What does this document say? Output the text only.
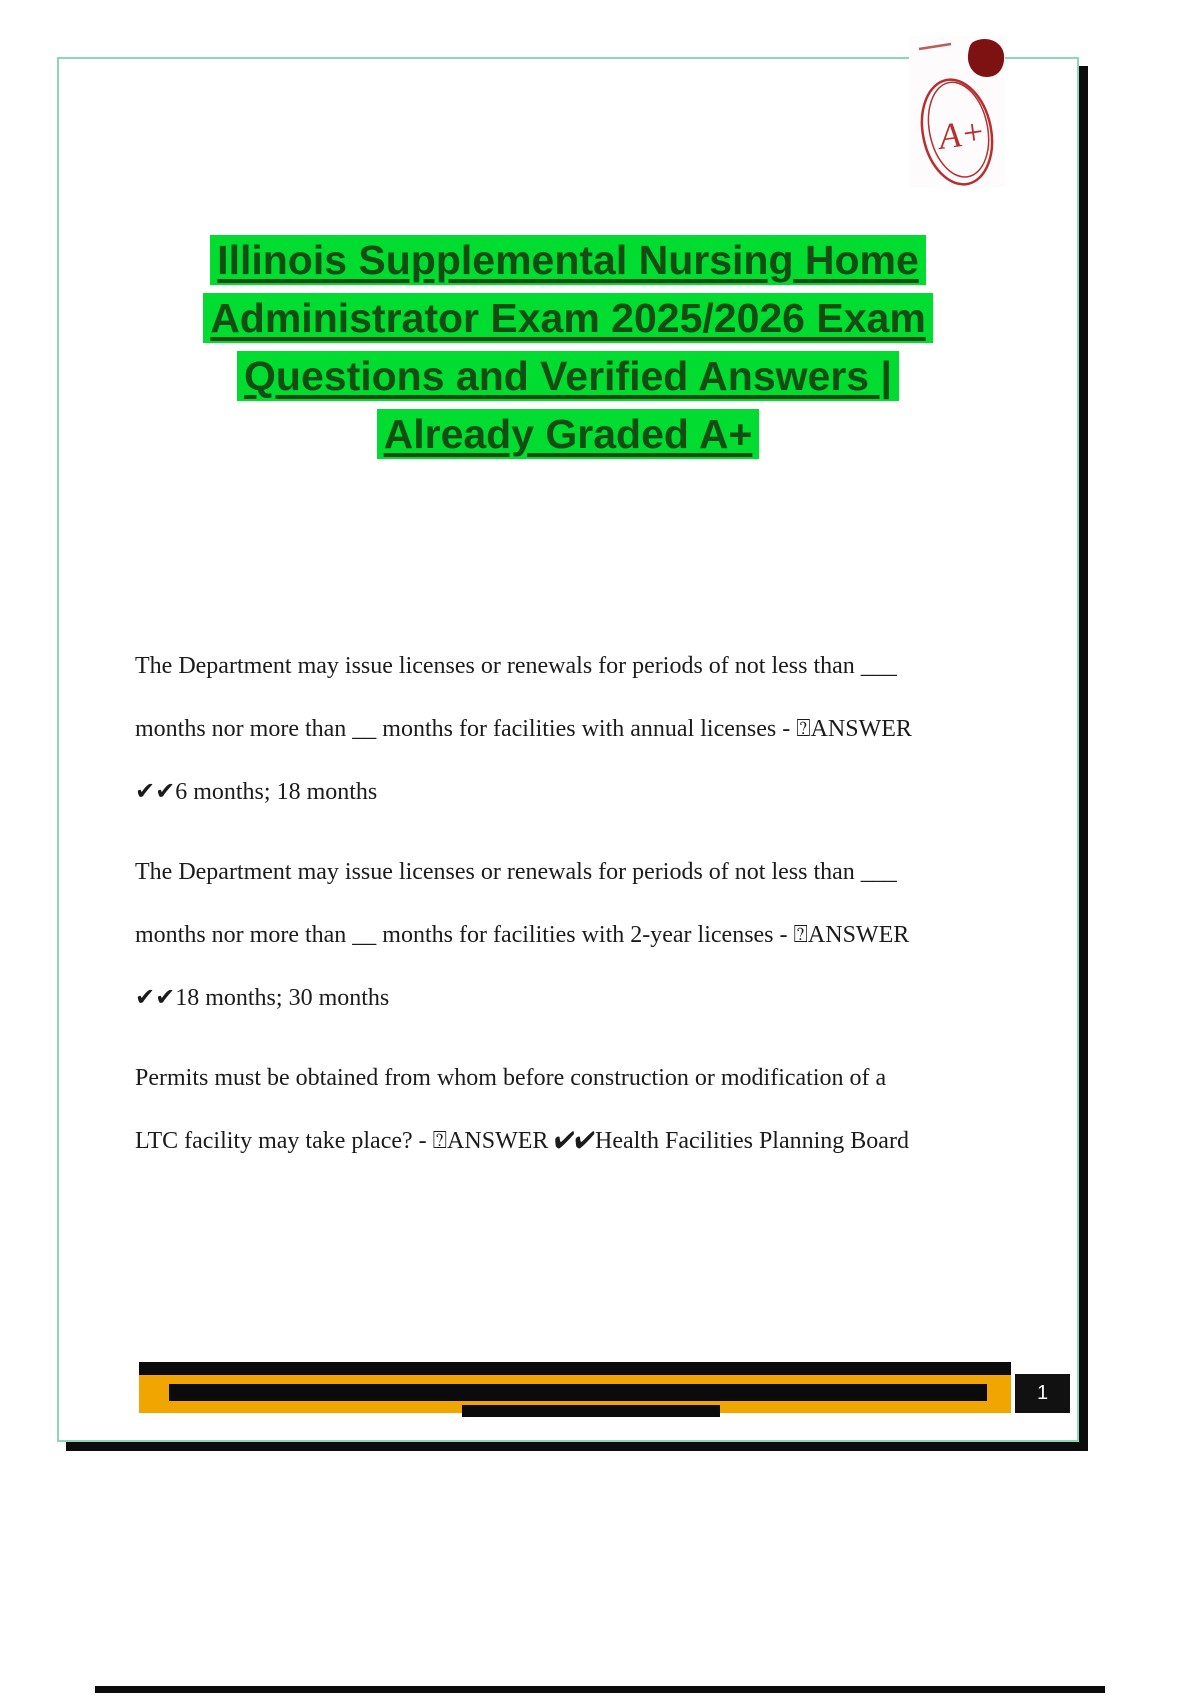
A+
Illinois Supplemental Nursing Home
Administrator Exam 2025/2026 Exam
Questions and Verified Answers |
Already Graded A+

The Department may issue licenses or renewals for periods of not less than ___
months nor more than __ months for facilities with annual licenses - ⍰ANSWER
✔✔6 months; 18 months

The Department may issue licenses or renewals for periods of not less than ___
months nor more than __ months for facilities with 2-year licenses - ⍰ANSWER
✔✔18 months; 30 months

Permits must be obtained from whom before construction or modification of a
LTC facility may take place? - ⍰ANSWER ✔✔Health Facilities Planning Board

1
